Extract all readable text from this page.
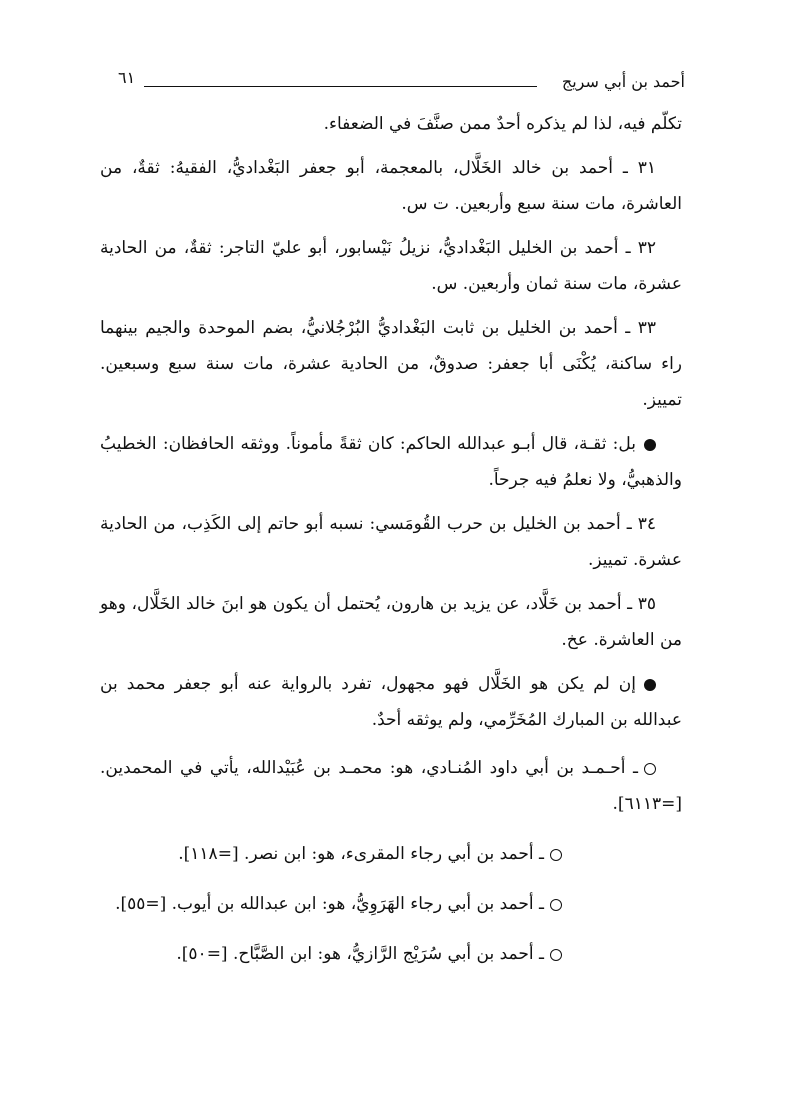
أحمد بن أبي سريج
٦١

تكلّم فيه، لذا لم يذكره أحدٌ ممن صنَّفَ في الضعفاء.

٣١ ـ أحمد بن خالد الخَلَّال، بالمعجمة، أبو جعفر البَغْداديُّ، الفقيهُ: ثقةٌ، من العاشرة، مات سنة سبع وأربعين. ت س.

٣٢ ـ أحمد بن الخليل البَغْداديُّ، نزيلُ نَيْسابور، أبو عليّ التاجر: ثقةٌ، من الحادية عشرة، مات سنة ثمان وأربعين. س.

٣٣ ـ أحمد بن الخليل بن ثابت البَغْداديُّ البُرْجُلانيُّ، بضم الموحدة والجيم بينهما راء ساكنة، يُكْنَى أبا جعفر: صدوقٌ، من الحادية عشرة، مات سنة سبع وسبعين. تمييز.

بل: ثقـة، قال أبـو عبدالله الحاكم: كان ثقةً مأموناً. ووثقه الحافظان: الخطيبُ والذهبيُّ، ولا نعلمُ فيه جرحاً.

٣٤ ـ أحمد بن الخليل بن حرب القُومَسي: نسبه أبو حاتم إلى الكَذِب، من الحادية عشرة. تمييز.

٣٥ ـ أحمد بن خَلَّاد، عن يزيد بن هارون، يُحتمل أن يكون هو ابنَ خالد الخَلَّال، وهو من العاشرة. عخ.

إن لم يكن هو الخَلَّال فهو مجهول، تفرد بالرواية عنه أبو جعفر محمد بن عبدالله بن المبارك المُخَرِّمي، ولم يوثقه أحدٌ.

ـ أحـمـد بن أبي داود المُنـادي، هو: محمـد بن عُبَيْدالله، يأتي في المحمدين. [=٦١١٣].

ـ أحمد بن أبي رجاء المقرىء، هو: ابن نصر. [=١١٨].

ـ أحمد بن أبي رجاء الهَرَوِيُّ، هو: ابن عبدالله بن أيوب. [=٥٥].

ـ أحمد بن أبي سُرَيْج الرَّازيُّ، هو: ابن الصَّبَّاح. [=٥٠].
